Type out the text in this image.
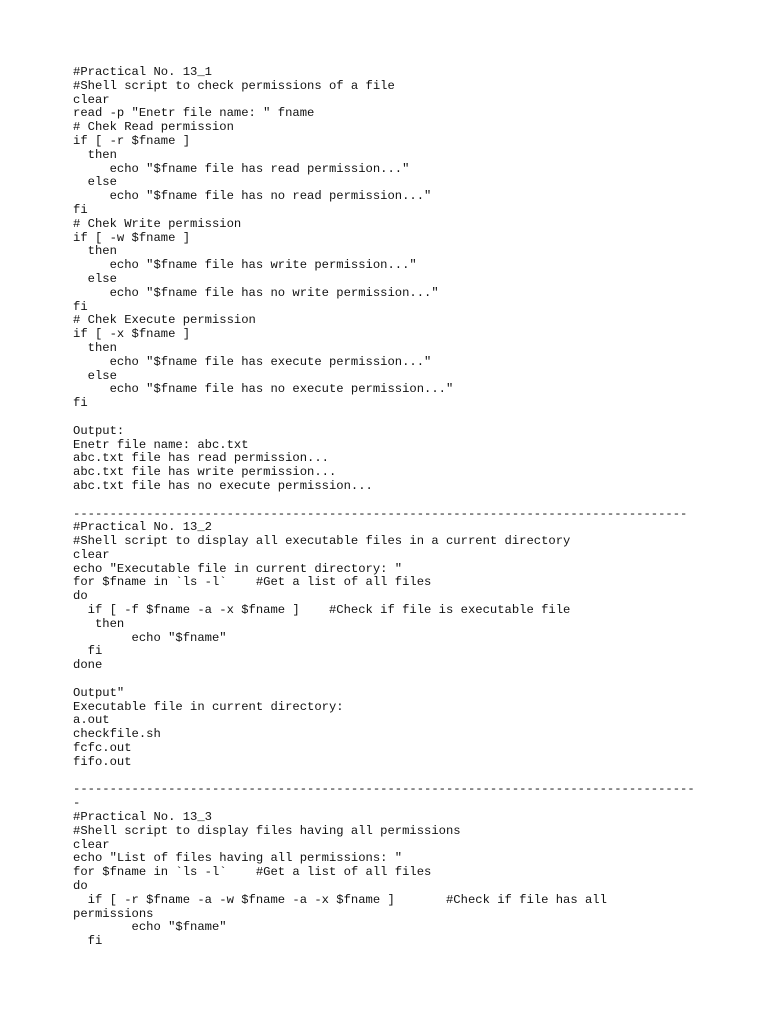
#Practical No. 13_1
#Shell script to check permissions of a file
clear
read -p "Enetr file name: " fname
# Chek Read permission
if [ -r $fname ]
then
echo "$fname file has read permission..."
else
echo "$fname file has no read permission..."
fi
# Chek Write permission
if [ -w $fname ]
then
echo "$fname file has write permission..."
else
echo "$fname file has no write permission..."
fi
# Chek Execute permission
if [ -x $fname ]
then
echo "$fname file has execute permission..."
else
echo "$fname file has no execute permission..."
fi
Output:
Enetr file name: abc.txt
abc.txt file has read permission...
abc.txt file has write permission...
abc.txt file has no execute permission...
------------------------------------------------------------------------------------
#Practical No. 13_2
#Shell script to display all executable files in a current directory
clear
echo "Executable file in current directory: "
for $fname in `ls -l`    #Get a list of all files
do
if [ -f $fname -a -x $fname ]    #Check if file is executable file
then
echo "$fname"
fi
done
Output"
Executable file in current directory:
a.out
checkfile.sh
fcfc.out
fifo.out
-------------------------------------------------------------------------------------
-
#Practical No. 13_3
#Shell script to display files having all permissions
clear
echo "List of files having all permissions: "
for $fname in `ls -l`    #Get a list of all files
do
if [ -r $fname -a -w $fname -a -x $fname ]       #Check if file has all
permissions
echo "$fname"
fi
